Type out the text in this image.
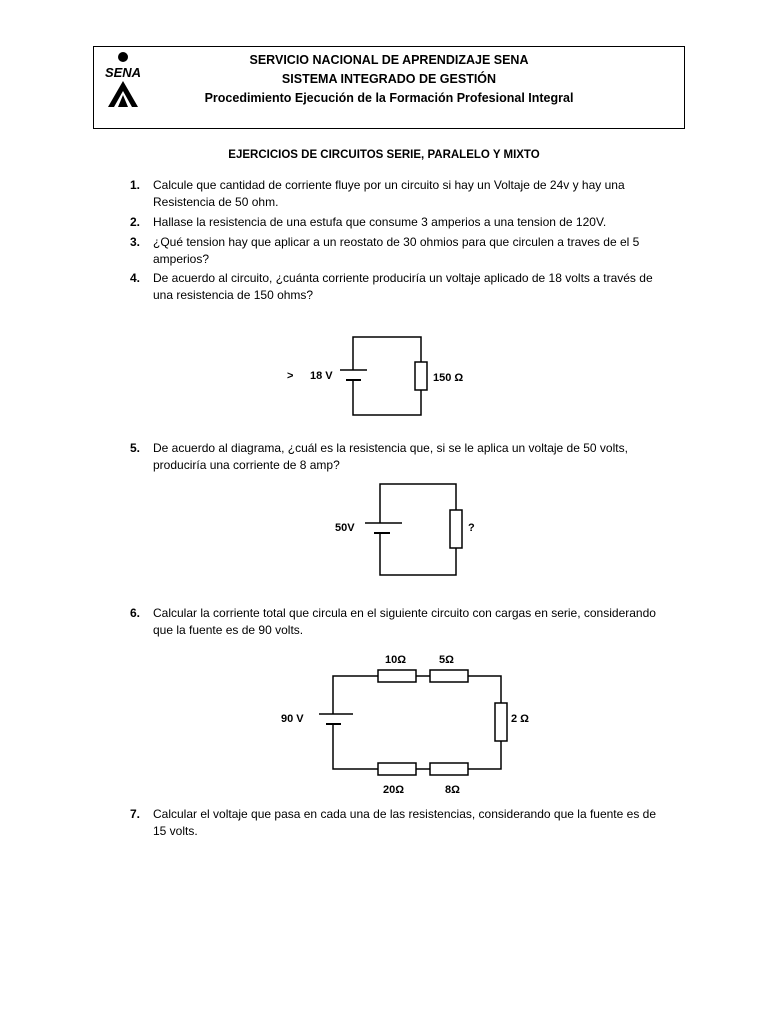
SENA
SERVICIO NACIONAL DE APRENDIZAJE SENA
SISTEMA INTEGRADO DE GESTIÓN
Procedimiento Ejecución de la Formación Profesional Integral
EJERCICIOS DE CIRCUITOS SERIE, PARALELO Y MIXTO
1. Calcule que cantidad de corriente fluye por un circuito si hay un Voltaje de 24v y hay una Resistencia de 50 ohm.
2. Hallase la resistencia de una estufa que consume 3 amperios a una tension de 120V.
3. ¿Qué tension hay que aplicar a un reostato de 30 ohmios para que circulen a traves de el 5 amperios?
4. De acuerdo al circuito, ¿cuánta corriente produciría un voltaje aplicado de 18 volts a través de una resistencia de 150 ohms?
> 18 V	150 Ω
5. De acuerdo al diagrama, ¿cuál es la resistencia que, si se le aplica un voltaje de 50 volts, produciría una corriente de 8 amp?
50V	?
6. Calcular la corriente total que circula en el siguiente circuito con cargas en serie, considerando que la fuente es de 90 volts.
90 V
10Ω	5Ω
2 Ω
20Ω	8Ω
7. Calcular el voltaje que pasa en cada una de las resistencias, considerando que la fuente es de 15 volts.
